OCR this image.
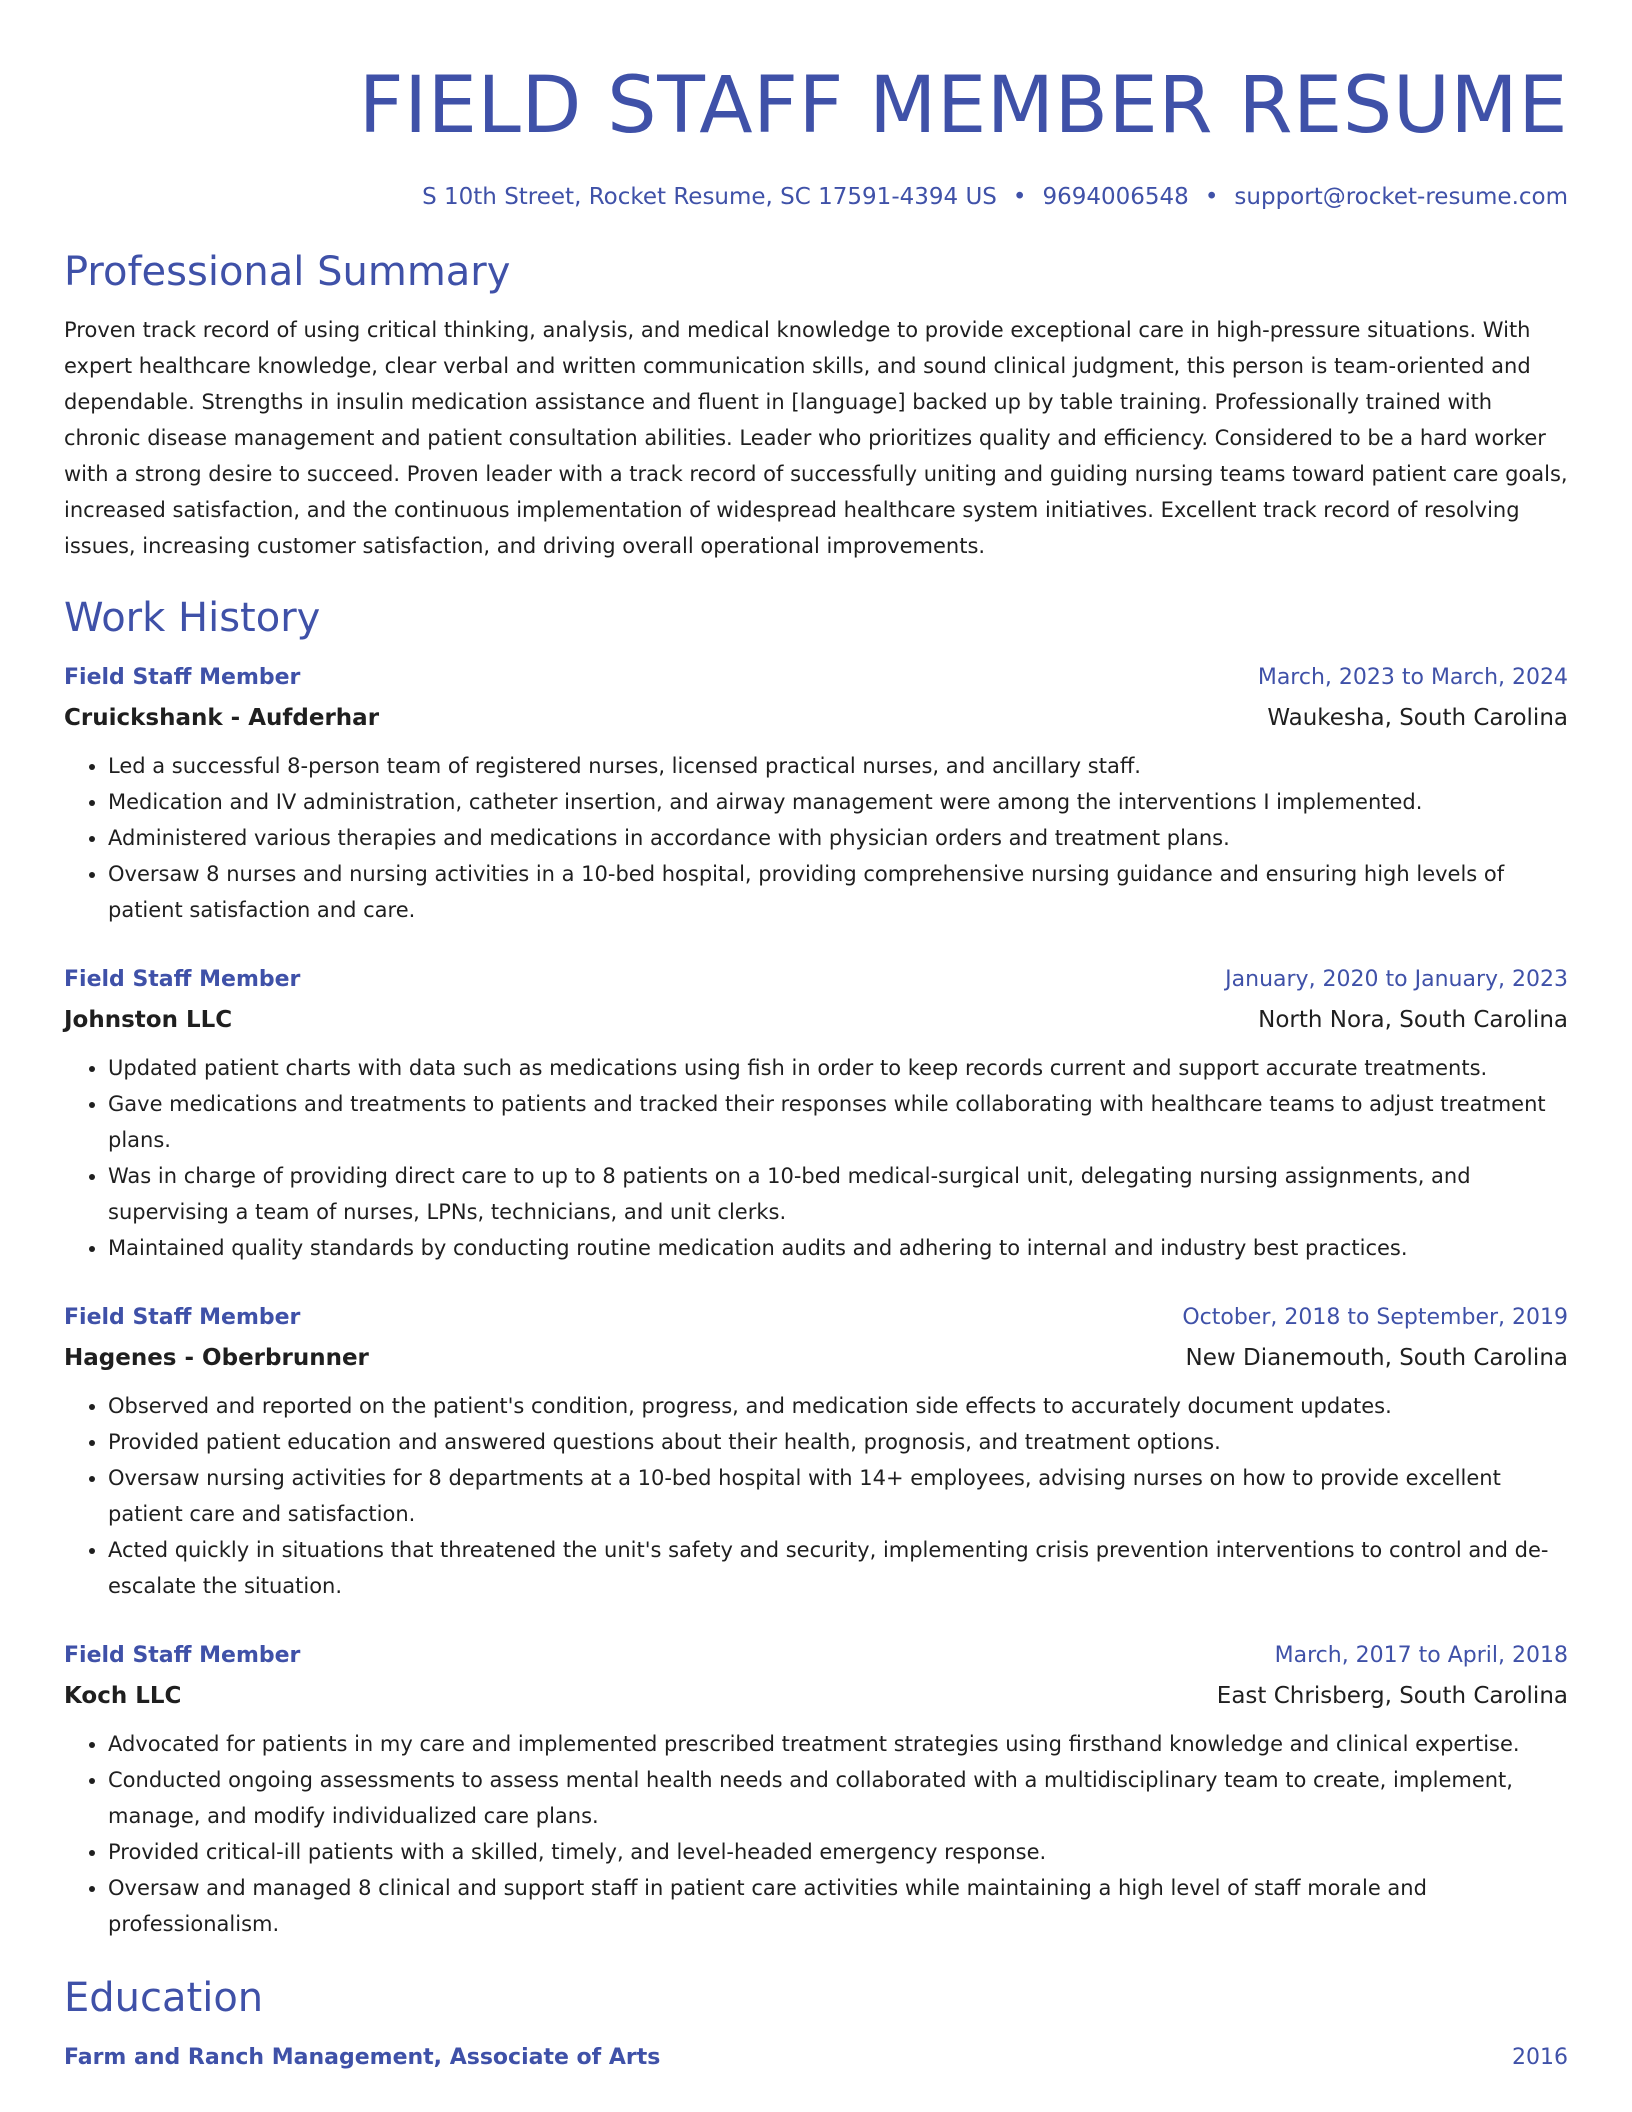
FIELD STAFF MEMBER RESUME
S 10th Street, Rocket Resume, SC 17591-4394 US • 9694006548 • support@rocket-resume.com
Professional Summary

Proven track record of using critical thinking, analysis, and medical knowledge to provide exceptional care in high-pressure situations. With expert healthcare knowledge, clear verbal and written communication skills, and sound clinical judgment, this person is team-oriented and dependable. Strengths in insulin medication assistance and fluent in [language] backed up by table training. Professionally trained with chronic disease management and patient consultation abilities. Leader who prioritizes quality and efficiency. Considered to be a hard worker with a strong desire to succeed. Proven leader with a track record of successfully uniting and guiding nursing teams toward patient care goals, increased satisfaction, and the continuous implementation of widespread healthcare system initiatives. Excellent track record of resolving issues, increasing customer satisfaction, and driving overall operational improvements.

Work History
Field Staff Member	March, 2023 to March, 2024
Cruickshank - Aufderhar	Waukesha, South Carolina
• Led a successful 8-person team of registered nurses, licensed practical nurses, and ancillary staff.
• Medication and IV administration, catheter insertion, and airway management were among the interventions I implemented.
• Administered various therapies and medications in accordance with physician orders and treatment plans.
• Oversaw 8 nurses and nursing activities in a 10-bed hospital, providing comprehensive nursing guidance and ensuring high levels of patient satisfaction and care.
Field Staff Member	January, 2020 to January, 2023
Johnston LLC	North Nora, South Carolina
• Updated patient charts with data such as medications using fish in order to keep records current and support accurate treatments.
• Gave medications and treatments to patients and tracked their responses while collaborating with healthcare teams to adjust treatment plans.
• Was in charge of providing direct care to up to 8 patients on a 10-bed medical-surgical unit, delegating nursing assignments, and supervising a team of nurses, LPNs, technicians, and unit clerks.
• Maintained quality standards by conducting routine medication audits and adhering to internal and industry best practices.
Field Staff Member	October, 2018 to September, 2019
Hagenes - Oberbrunner	New Dianemouth, South Carolina
• Observed and reported on the patient's condition, progress, and medication side effects to accurately document updates.
• Provided patient education and answered questions about their health, prognosis, and treatment options.
• Oversaw nursing activities for 8 departments at a 10-bed hospital with 14+ employees, advising nurses on how to provide excellent patient care and satisfaction.
• Acted quickly in situations that threatened the unit's safety and security, implementing crisis prevention interventions to control and de-escalate the situation.
Field Staff Member	March, 2017 to April, 2018
Koch LLC	East Chrisberg, South Carolina
• Advocated for patients in my care and implemented prescribed treatment strategies using firsthand knowledge and clinical expertise.
• Conducted ongoing assessments to assess mental health needs and collaborated with a multidisciplinary team to create, implement, manage, and modify individualized care plans.
• Provided critical-ill patients with a skilled, timely, and level-headed emergency response.
• Oversaw and managed 8 clinical and support staff in patient care activities while maintaining a high level of staff morale and professionalism.
Education
Farm and Ranch Management, Associate of Arts	2016
